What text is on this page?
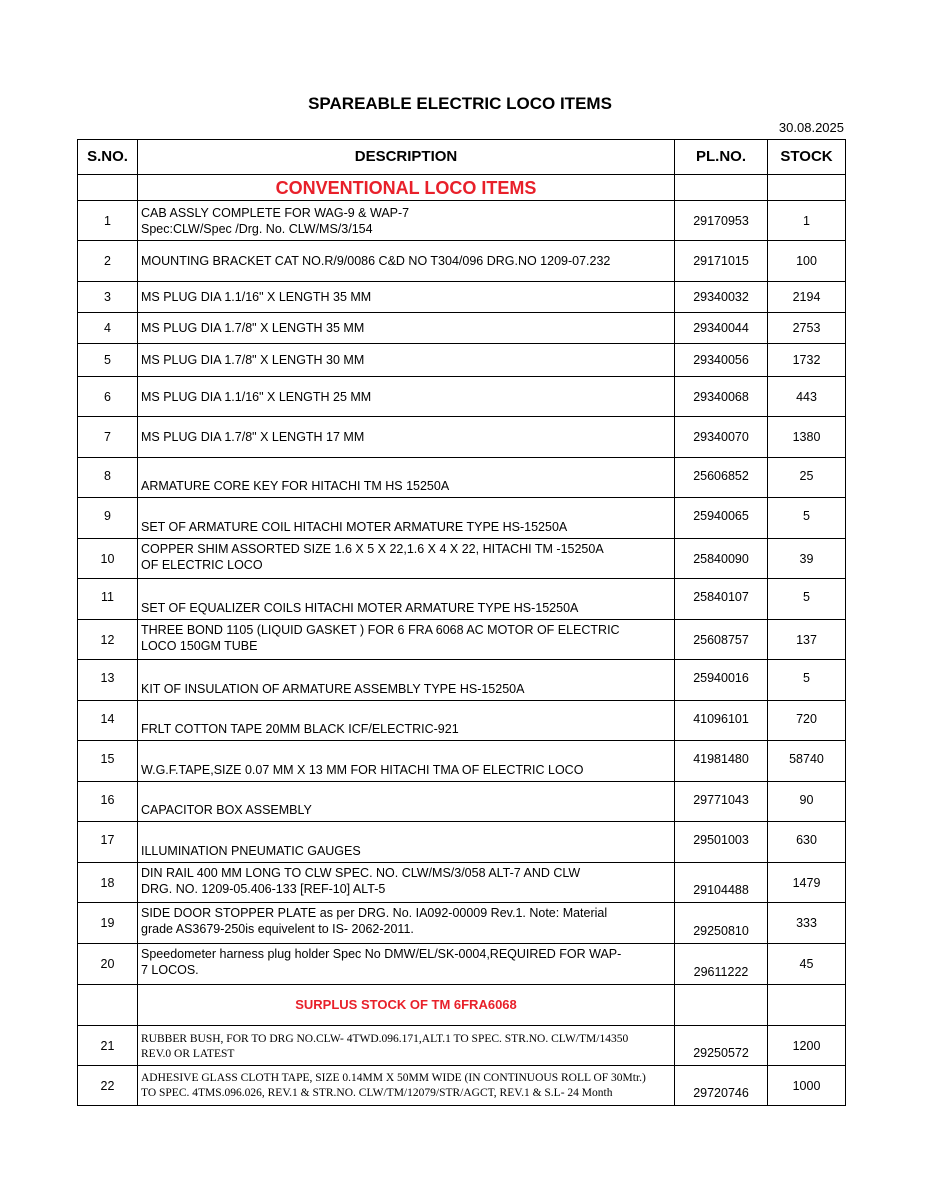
SPAREABLE ELECTRIC LOCO ITEMS
30.08.2025
S.NO.	DESCRIPTION	PL.NO.	STOCK
	CONVENTIONAL LOCO ITEMS		
1	CAB ASSLY COMPLETE FOR WAG-9 & WAP-7
Spec:CLW/Spec /Drg. No. CLW/MS/3/154	29170953	1
2	MOUNTING BRACKET CAT NO.R/9/0086 C&D NO T304/096 DRG.NO 1209-07.232	29171015	100
3	MS PLUG DIA 1.1/16" X LENGTH 35 MM	29340032	2194
4	MS PLUG DIA 1.7/8" X LENGTH 35 MM	29340044	2753
5	MS PLUG DIA 1.7/8" X LENGTH 30 MM	29340056	1732
6	MS PLUG DIA 1.1/16" X LENGTH 25 MM	29340068	443
7	MS PLUG DIA 1.7/8" X LENGTH 17 MM	29340070	1380
8	ARMATURE CORE KEY FOR HITACHI TM HS 15250A	25606852	25
9	SET OF ARMATURE COIL HITACHI MOTER ARMATURE TYPE HS-15250A	25940065	5
10	COPPER SHIM ASSORTED SIZE 1.6 X 5 X 22,1.6 X 4 X 22, HITACHI TM -15250A
OF ELECTRIC LOCO	25840090	39
11	SET OF EQUALIZER COILS HITACHI MOTER ARMATURE TYPE HS-15250A	25840107	5
12	THREE BOND 1105 (LIQUID GASKET ) FOR 6 FRA 6068 AC MOTOR OF ELECTRIC
LOCO 150GM TUBE	25608757	137
13	KIT OF INSULATION OF ARMATURE ASSEMBLY TYPE HS-15250A	25940016	5
14	FRLT COTTON TAPE 20MM BLACK ICF/ELECTRIC-921	41096101	720
15	W.G.F.TAPE,SIZE 0.07 MM X 13 MM FOR HITACHI TMA OF ELECTRIC LOCO	41981480	58740
16	CAPACITOR BOX ASSEMBLY	29771043	90
17	ILLUMINATION PNEUMATIC GAUGES	29501003	630
18	DIN RAIL 400 MM LONG TO CLW SPEC. NO. CLW/MS/3/058 ALT-7 AND CLW
DRG. NO. 1209-05.406-133 [REF-10] ALT-5	29104488	1479
19	SIDE DOOR STOPPER PLATE as per DRG. No. IA092-00009 Rev.1. Note: Material
grade AS3679-250is equivelent to IS- 2062-2011.	29250810	333
20	Speedometer harness plug holder Spec No DMW/EL/SK-0004,REQUIRED FOR WAP-
7 LOCOS.	29611222	45
	SURPLUS STOCK OF TM 6FRA6068		
21	RUBBER BUSH, FOR TO DRG NO.CLW- 4TWD.096.171,ALT.1 TO SPEC. STR.NO. CLW/TM/14350
REV.0 OR LATEST	29250572	1200
22	ADHESIVE GLASS CLOTH TAPE, SIZE 0.14MM X 50MM WIDE (IN CONTINUOUS ROLL OF 30Mtr.)
TO SPEC. 4TMS.096.026, REV.1 & STR.NO. CLW/TM/12079/STR/AGCT, REV.1 & S.L- 24 Month	29720746	1000
